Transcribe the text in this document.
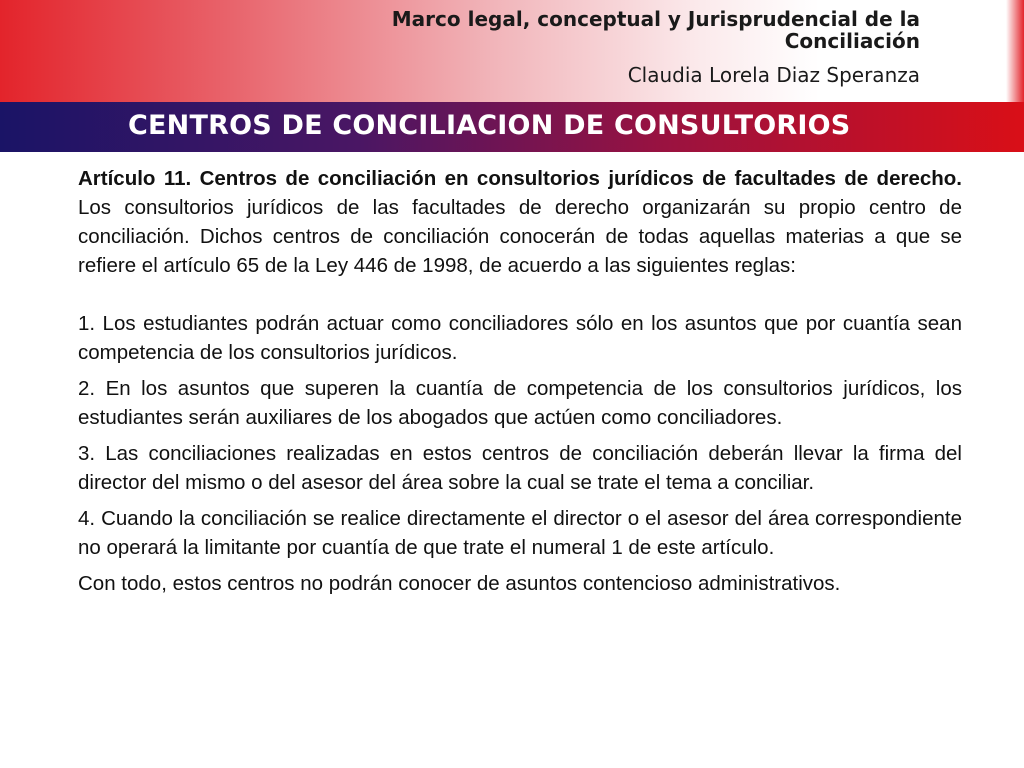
Marco legal, conceptual y Jurisprudencial de la Conciliación
Claudia Lorela Diaz Speranza
CENTROS DE CONCILIACION DE CONSULTORIOS

Artículo 11. Centros de conciliación en consultorios jurídicos de facultades de derecho. Los consultorios jurídicos de las facultades de derecho organizarán su propio centro de conciliación. Dichos centros de conciliación conocerán de todas aquellas materias a que se refiere el artículo 65 de la Ley 446 de 1998, de acuerdo a las siguientes reglas:

1. Los estudiantes podrán actuar como conciliadores sólo en los asuntos que por cuantía sean competencia de los consultorios jurídicos.

2. En los asuntos que superen la cuantía de competencia de los consultorios jurídicos, los estudiantes serán auxiliares de los abogados que actúen como conciliadores.

3. Las conciliaciones realizadas en estos centros de conciliación deberán llevar la firma del director del mismo o del asesor del área sobre la cual se trate el tema a conciliar.

4. Cuando la conciliación se realice directamente el director o el asesor del área correspondiente no operará la limitante por cuantía de que trate el numeral 1 de este artículo.

Con todo, estos centros no podrán conocer de asuntos contencioso administrativos.
